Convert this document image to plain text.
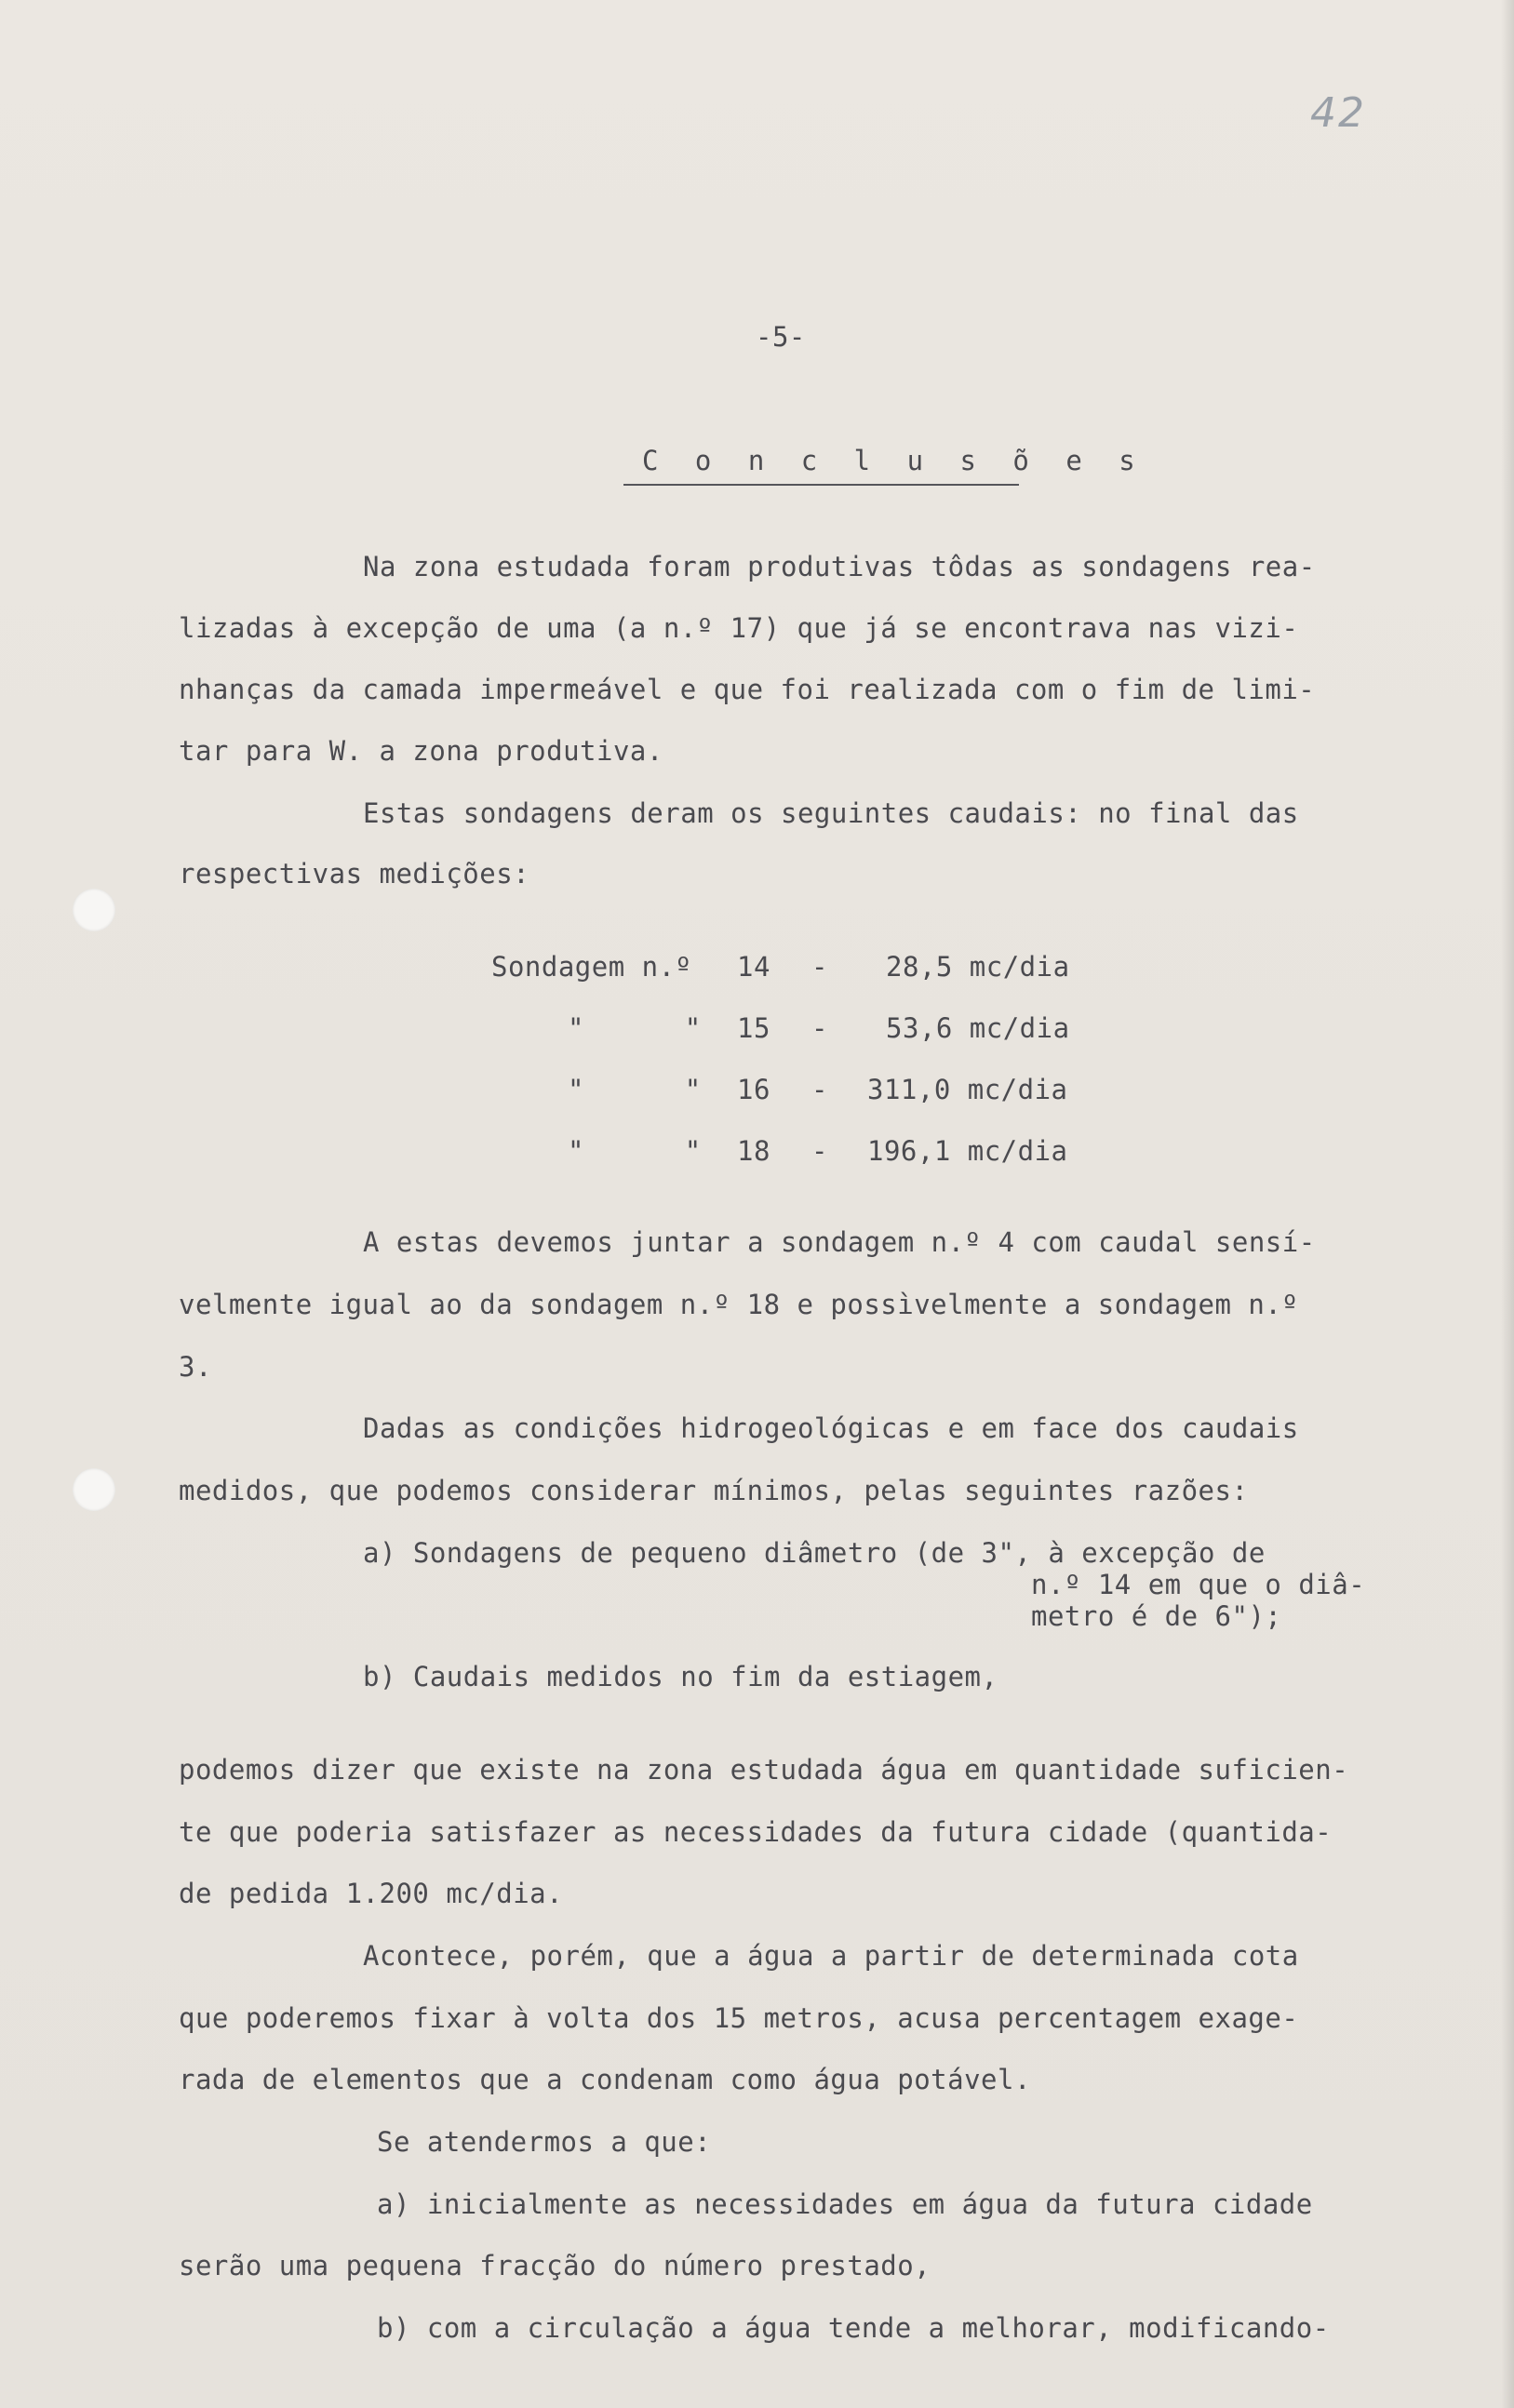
42
-5-
C o n c l u s õ e s
Na zona estudada foram produtivas tôdas as sondagens rea-
lizadas à excepção de uma (a n.º 17) que já se encontrava nas vizi-
nhanças da camada impermeável e que foi realizada com o fim de limi-
tar para W. a zona produtiva.
Estas sondagens deram os seguintes caudais: no final das
respectivas medições:
Sondagem n.º 14 - 28,5 mc/dia
"      " 15 - 53,6 mc/dia
"      " 16 - 311,0 mc/dia
"      " 18 - 196,1 mc/dia
A estas devemos juntar a sondagem n.º 4 com caudal sensí-
velmente igual ao da sondagem n.º 18 e possìvelmente a sondagem n.º
3.
Dadas as condições hidrogeológicas e em face dos caudais
medidos, que podemos considerar mínimos, pelas seguintes razões:
a) Sondagens de pequeno diâmetro (de 3", à excepção de
n.º 14 em que o diâ-
metro é de 6");
b) Caudais medidos no fim da estiagem,
podemos dizer que existe na zona estudada água em quantidade suficien-
te que poderia satisfazer as necessidades da futura cidade (quantida-
de pedida 1.200 mc/dia.
Acontece, porém, que a água a partir de determinada cota
que poderemos fixar à volta dos 15 metros, acusa percentagem exage-
rada de elementos que a condenam como água potável.
Se atendermos a que:
a) inicialmente as necessidades em água da futura cidade
serão uma pequena fracção do número prestado,
b) com a circulação a água tende a melhorar, modificando-
